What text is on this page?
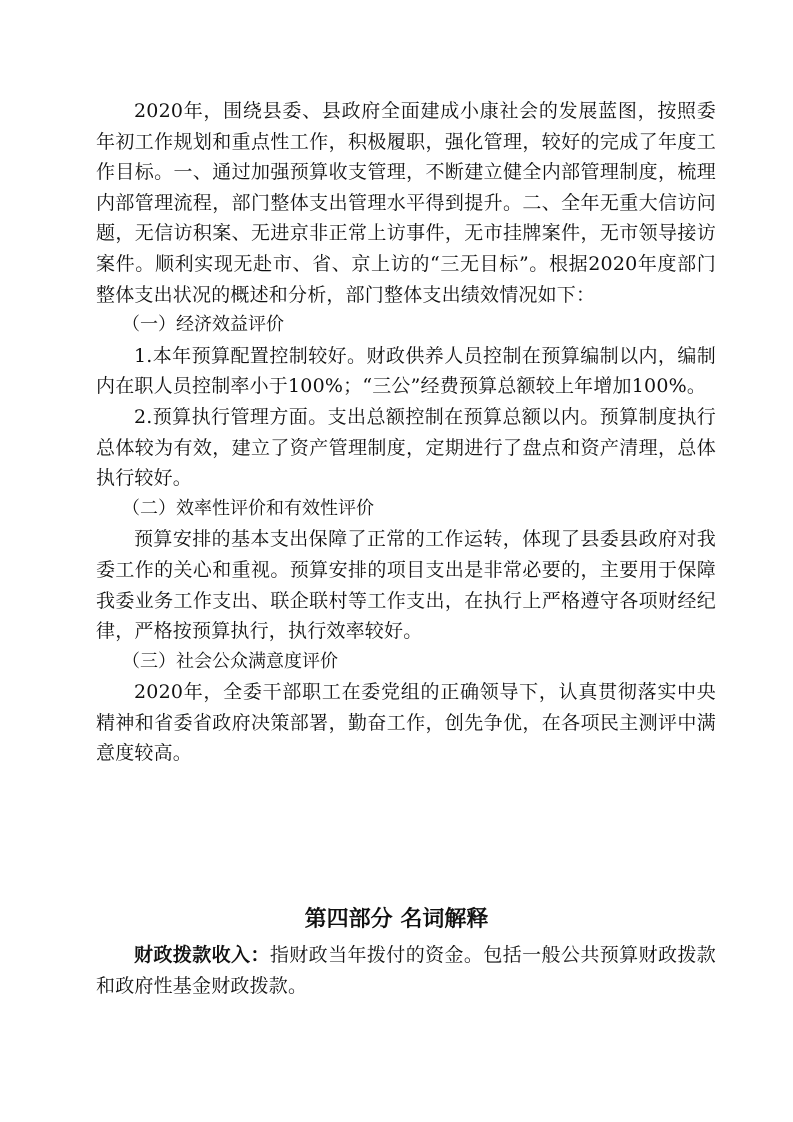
2020年，围绕县委、县政府全面建成小康社会的发展蓝图，按照委年初工作规划和重点性工作，积极履职，强化管理，较好的完成了年度工作目标。一、通过加强预算收支管理，不断建立健全内部管理制度，梳理内部管理流程，部门整体支出管理水平得到提升。二、全年无重大信访问题，无信访积案、无进京非正常上访事件，无市挂牌案件，无市领导接访案件。顺利实现无赴市、省、京上访的“三无目标”。根据2020年度部门整体支出状况的概述和分析，部门整体支出绩效情况如下：

（一）经济效益评价

1.本年预算配置控制较好。财政供养人员控制在预算编制以内，编制内在职人员控制率小于100%；“三公”经费预算总额较上年增加100%。

2.预算执行管理方面。支出总额控制在预算总额以内。预算制度执行总体较为有效，建立了资产管理制度，定期进行了盘点和资产清理，总体执行较好。

（二）效率性评价和有效性评价

预算安排的基本支出保障了正常的工作运转，体现了县委县政府对我委工作的关心和重视。预算安排的项目支出是非常必要的，主要用于保障我委业务工作支出、联企联村等工作支出，在执行上严格遵守各项财经纪律，严格按预算执行，执行效率较好。

（三）社会公众满意度评价

2020年，全委干部职工在委党组的正确领导下，认真贯彻落实中央精神和省委省政府决策部署，勤奋工作，创先争优，在各项民主测评中满意度较高。

第四部分 名词解释

财政拨款收入：指财政当年拨付的资金。包括一般公共预算财政拨款和政府性基金财政拨款。
